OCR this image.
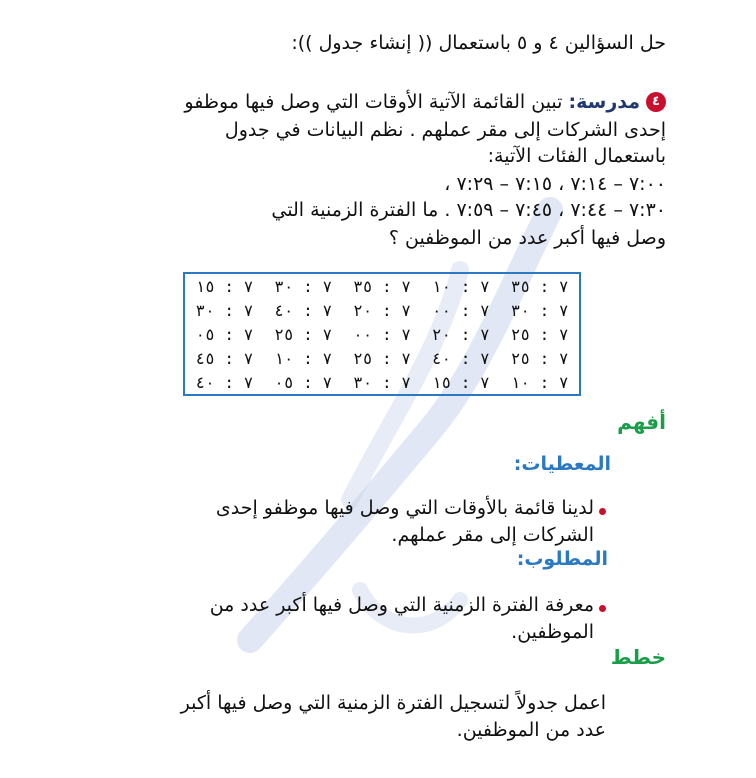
حل السؤالين ٤ و ٥ باستعمال (( إنشاء جدول )):
٤
مدرسة: تبين القائمة الآتية الأوقات التي وصل فيها موظفو
إحدى الشركات إلى مقر عملهم . نظم البيانات في جدول
باستعمال الفئات الآتية:
٧:٠٠ – ٧:١٤ ، ٧:١٥ – ٧:٢٩ ،
٧:٣٠ – ٧:٤٤ ، ٧:٤٥ – ٧:٥٩ . ما الفترة الزمنية التي
وصل فيها أكبر عدد من الموظفين ؟
٧ : ١٥	٧ : ٣٠	٧ : ٣٥	٧ : ١٠	٧ : ٣٥
٧ : ٣٠	٧ : ٤٠	٧ : ٢٠	٧ : ٠٠	٧ : ٣٠
٧ : ٠٥	٧ : ٢٥	٧ : ٠٠	٧ : ٢٠	٧ : ٢٥
٧ : ٤٥	٧ : ١٠	٧ : ٢٥	٧ : ٤٠	٧ : ٢٥
٧ : ٤٠	٧ : ٠٥	٧ : ٣٠	٧ : ١٥	٧ : ١٠
أفهم
المعطيات:
لدينا قائمة بالأوقات التي وصل فيها موظفو إحدى
الشركات إلى مقر عملهم.
المطلوب:
معرفة الفترة الزمنية التي وصل فيها أكبر عدد من
الموظفين.
خطط
اعمل جدولاً لتسجيل الفترة الزمنية التي وصل فيها أكبر
عدد من الموظفين.
